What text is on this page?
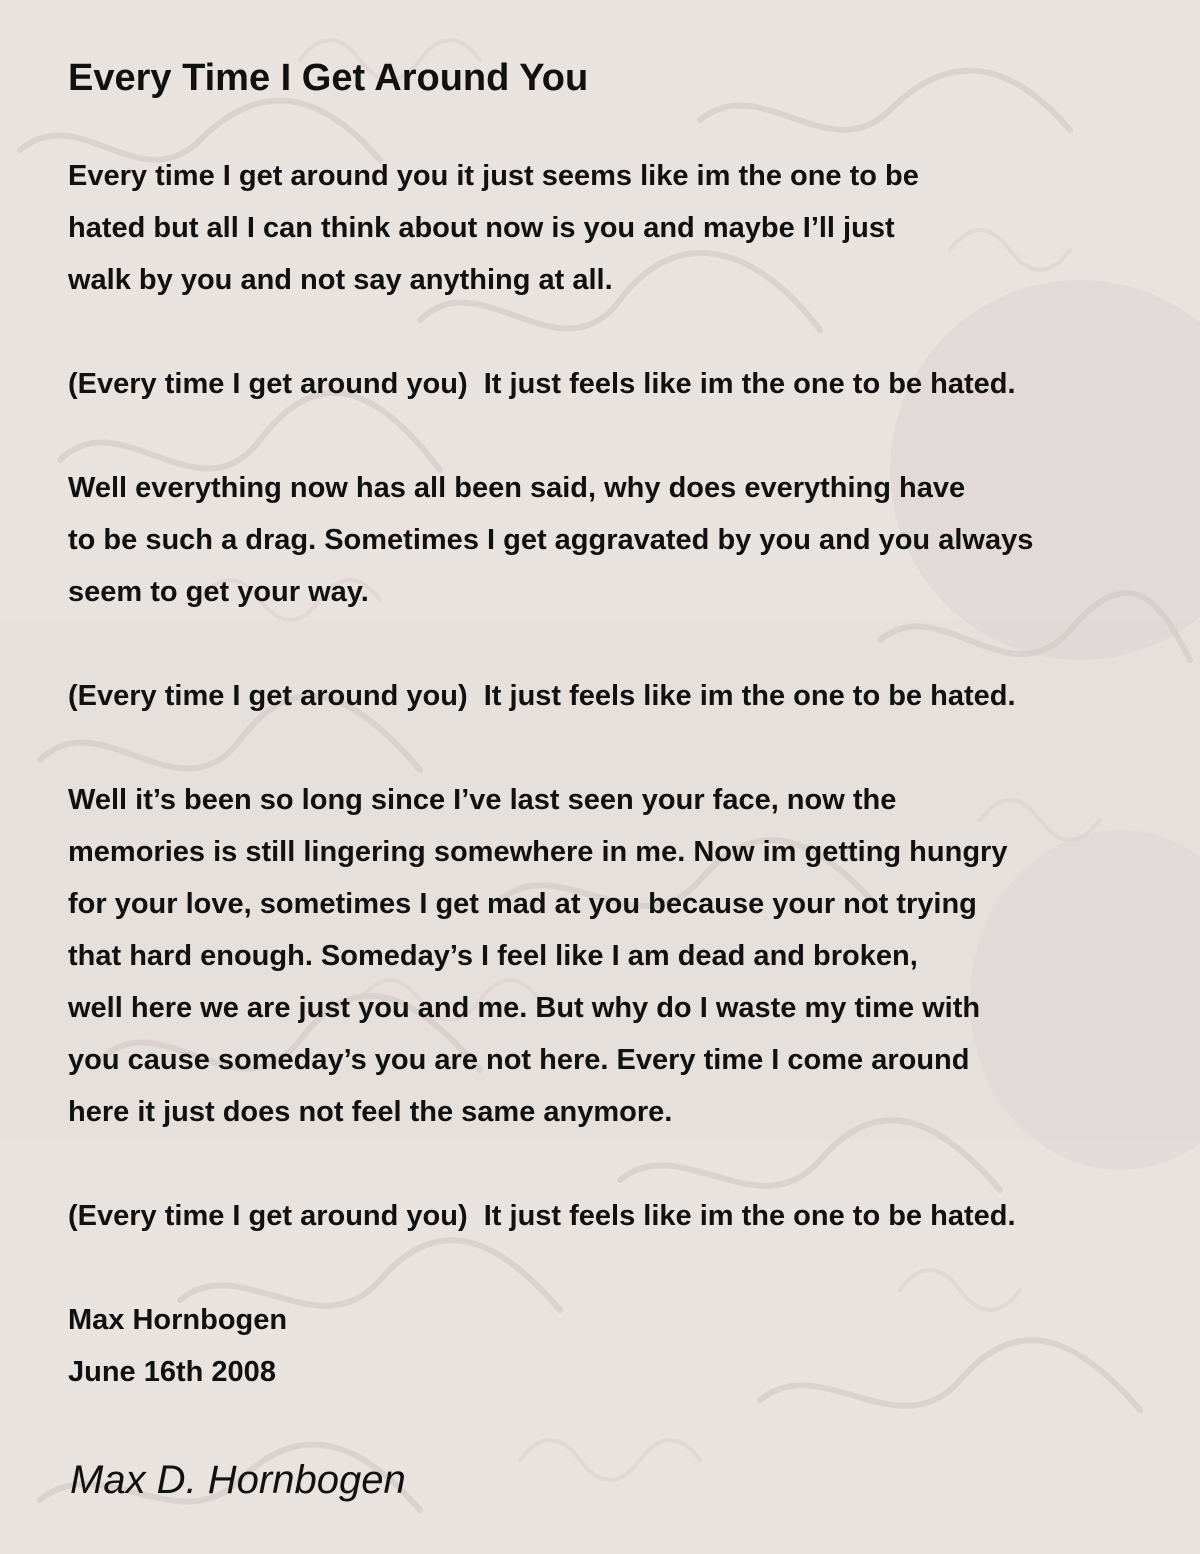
Every Time I Get Around You
Every time I get around you it just seems like im the one to be
hated but all I can think about now is you and maybe I’ll just
walk by you and not say anything at all.
(Every time I get around you)  It just feels like im the one to be hated.
Well everything now has all been said, why does everything have
to be such a drag. Sometimes I get aggravated by you and you always
seem to get your way.
(Every time I get around you)  It just feels like im the one to be hated.
Well it’s been so long since I’ve last seen your face, now the
memories is still lingering somewhere in me. Now im getting hungry
for your love, sometimes I get mad at you because your not trying
that hard enough. Someday’s I feel like I am dead and broken,
well here we are just you and me. But why do I waste my time with
you cause someday’s you are not here. Every time I come around
here it just does not feel the same anymore.
(Every time I get around you)  It just feels like im the one to be hated.
Max Hornbogen
June 16th 2008
Max D. Hornbogen
